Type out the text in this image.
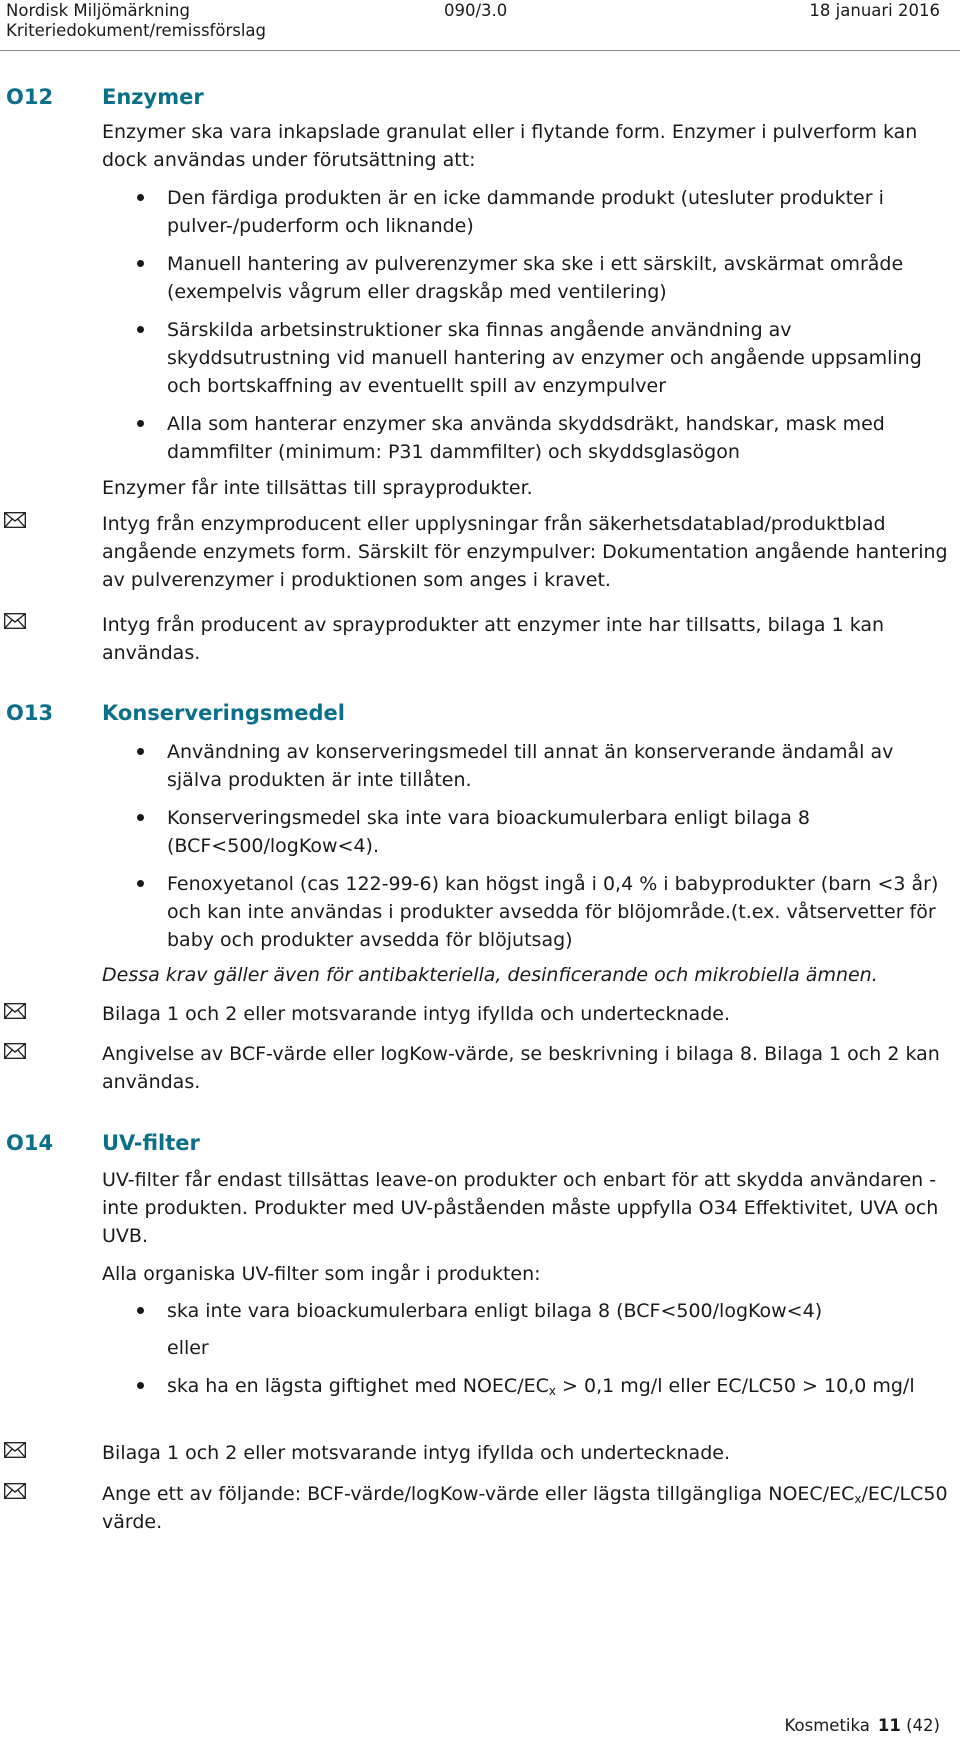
Nordisk Miljömärkning
Kriteriedokument/remissförslag
090/3.0	18 januari 2016
O12 Enzymer

Enzymer ska vara inkapslade granulat eller i flytande form. Enzymer i pulverform kan dock användas under förutsättning att:

Den färdiga produkten är en icke dammande produkt (utesluter produkter i pulver-/puderform och liknande)
Manuell hantering av pulverenzymer ska ske i ett särskilt, avskärmat område (exempelvis vågrum eller dragskåp med ventilering)
Särskilda arbetsinstruktioner ska finnas angående användning av skyddsutrustning vid manuell hantering av enzymer och angående uppsamling och bortskaffning av eventuellt spill av enzympulver
Alla som hanterar enzymer ska använda skyddsdräkt, handskar, mask med dammfilter (minimum: P31 dammfilter) och skyddsglasögon

Enzymer får inte tillsättas till sprayprodukter.

Intyg från enzymproducent eller upplysningar från säkerhetsdatablad/produktblad angående enzymets form. Särskilt för enzympulver: Dokumentation angående hantering av pulverenzymer i produktionen som anges i kravet.

Intyg från producent av sprayprodukter att enzymer inte har tillsatts, bilaga 1 kan användas.

O13 Konserveringsmedel
Användning av konserveringsmedel till annat än konserverande ändamål av själva produkten är inte tillåten.
Konserveringsmedel ska inte vara bioackumulerbara enligt bilaga 8 (BCF<500/logKow<4).
Fenoxyetanol (cas 122-99-6) kan högst ingå i 0,4 % i babyprodukter (barn <3 år) och kan inte användas i produkter avsedda för blöjområde.(t.ex. våtservetter för baby och produkter avsedda för blöjutsag)

Dessa krav gäller även för antibakteriella, desinficerande och mikrobiella ämnen.

Bilaga 1 och 2 eller motsvarande intyg ifyllda och undertecknade.

Angivelse av BCF-värde eller logKow-värde, se beskrivning i bilaga 8. Bilaga 1 och 2 kan användas.

O14 UV-filter

UV-filter får endast tillsättas leave-on produkter och enbart för att skydda användaren - inte produkten. Produkter med UV-påståenden måste uppfylla O34 Effektivitet, UVA och UVB.

Alla organiska UV-filter som ingår i produkten:

ska inte vara bioackumulerbara enligt bilaga 8 (BCF<500/logKow<4)

eller

ska ha en lägsta giftighet med NOEC/$EC_x > 0,1$ mg/l eller EC/LC50 > 10,0 mg/l

Bilaga 1 och 2 eller motsvarande intyg ifyllda och undertecknade.

Ange ett av följande: BCF-värde/logKow-värde eller lägsta tillgängliga NOEC/$EC_x/EC/LC50$ värde.

Kosmetika 11 (42)
